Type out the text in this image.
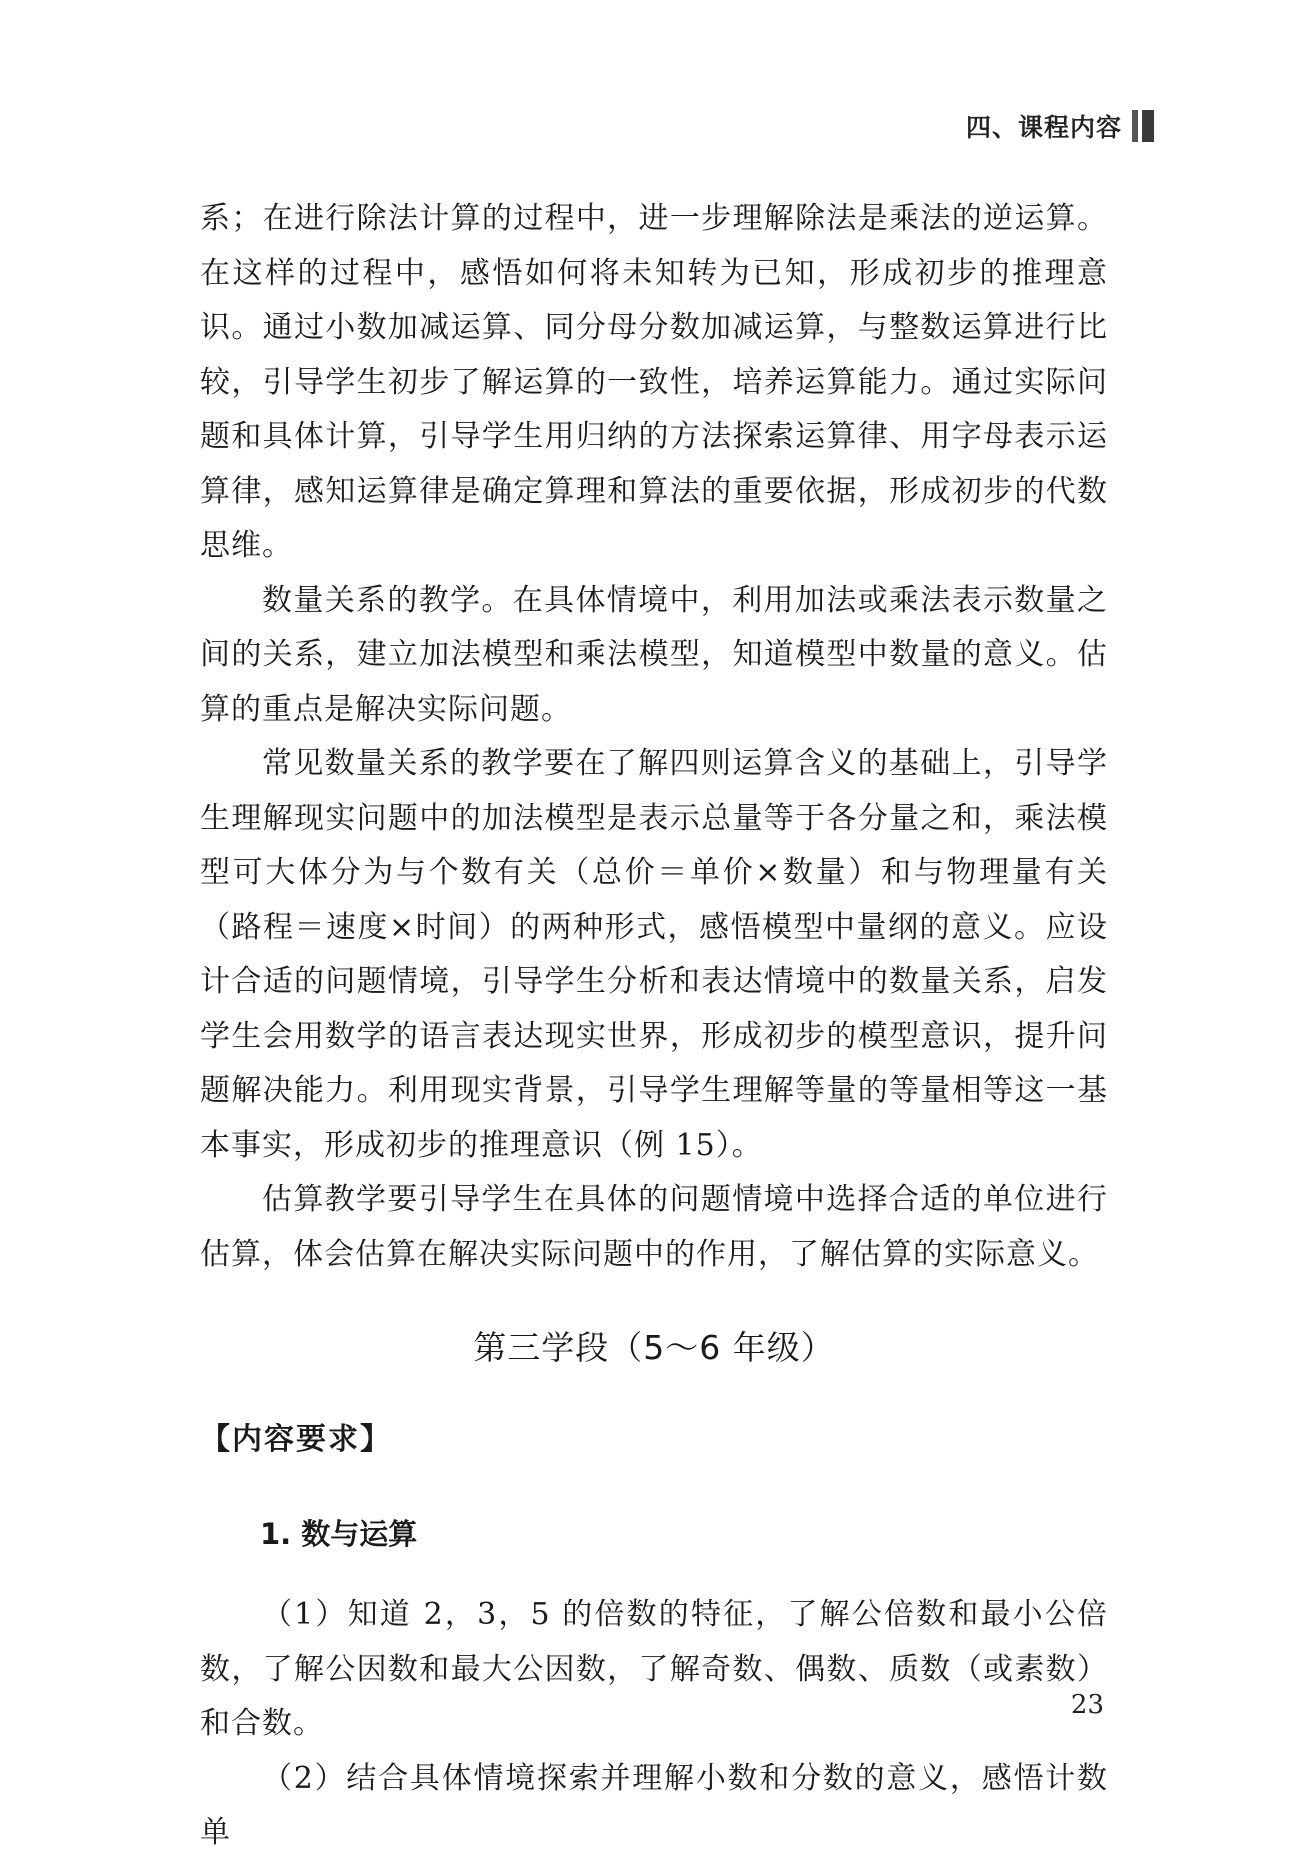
四、课程内容

系；在进行除法计算的过程中，进一步理解除法是乘法的逆运算。在这样的过程中，感悟如何将未知转为已知，形成初步的推理意识。通过小数加减运算、同分母分数加减运算，与整数运算进行比较，引导学生初步了解运算的一致性，培养运算能力。通过实际问题和具体计算，引导学生用归纳的方法探索运算律、用字母表示运算律，感知运算律是确定算理和算法的重要依据，形成初步的代数思维。

数量关系的教学。在具体情境中，利用加法或乘法表示数量之间的关系，建立加法模型和乘法模型，知道模型中数量的意义。估算的重点是解决实际问题。

常见数量关系的教学要在了解四则运算含义的基础上，引导学生理解现实问题中的加法模型是表示总量等于各分量之和，乘法模型可大体分为与个数有关（总价＝单价×数量）和与物理量有关（路程＝速度×时间）的两种形式，感悟模型中量纲的意义。应设计合适的问题情境，引导学生分析和表达情境中的数量关系，启发学生会用数学的语言表达现实世界，形成初步的模型意识，提升问题解决能力。利用现实背景，引导学生理解等量的等量相等这一基本事实，形成初步的推理意识（例 15）。

估算教学要引导学生在具体的问题情境中选择合适的单位进行估算，体会估算在解决实际问题中的作用，了解估算的实际意义。

第三学段（5～6 年级）
【内容要求】
1. 数与运算

（1）知道 2，3，5 的倍数的特征，了解公倍数和最小公倍数，了解公因数和最大公因数，了解奇数、偶数、质数（或素数）和合数。

（2）结合具体情境探索并理解小数和分数的意义，感悟计数单

23
